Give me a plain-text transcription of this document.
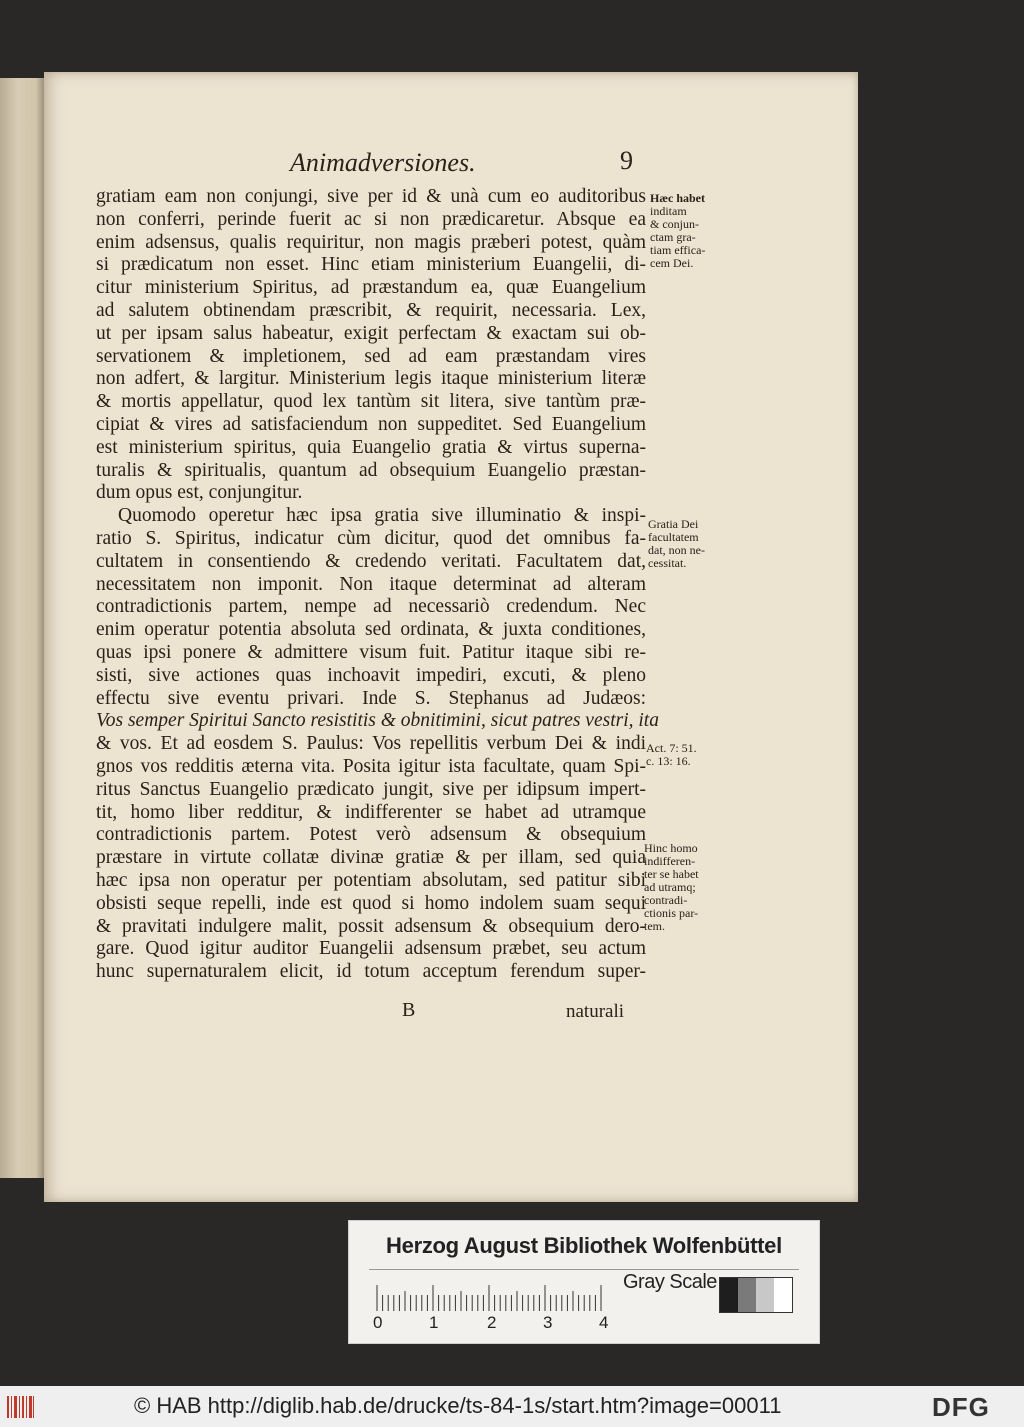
Animadversiones.	9
gratiam eam non conjungi, sive per id & unà cum eo auditoribus
non conferri, perinde fuerit ac si non prædicaretur. Absque ea
enim adsensus, qualis requiritur, non magis præberi potest, quàm
si prædicatum non esset. Hinc etiam ministerium Euangelii, di-
citur ministerium Spiritus, ad præstandum ea, quæ Euangelium
ad salutem obtinendam præscribit, & requirit, necessaria. Lex,
ut per ipsam salus habeatur, exigit perfectam & exactam sui ob-
servationem & impletionem, sed ad eam præstandam vires
non adfert, & largitur. Ministerium legis itaque ministerium literæ
& mortis appellatur, quod lex tantùm sit litera, sive tantùm præ-
cipiat & vires ad satisfaciendum non suppeditet. Sed Euangelium
est ministerium spiritus, quia Euangelio gratia & virtus superna-
turalis & spiritualis, quantum ad obsequium Euangelio præstan-
dum opus est, conjungitur.
Quomodo operetur hæc ipsa gratia sive illuminatio & inspi-
ratio S. Spiritus, indicatur cùm dicitur, quod det omnibus fa-
cultatem in consentiendo & credendo veritati. Facultatem dat,
necessitatem non imponit. Non itaque determinat ad alteram
contradictionis partem, nempe ad necessariò credendum. Nec
enim operatur potentia absoluta sed ordinata, & juxta conditiones,
quas ipsi ponere & admittere visum fuit. Patitur itaque sibi re-
sisti, sive actiones quas inchoavit impediri, excuti, & pleno
effectu sive eventu privari. Inde S. Stephanus ad Judæos:
Vos semper Spiritui Sancto resistitis & obnitimini, sicut patres vestri, ita
& vos. Et ad eosdem S. Paulus: Vos repellitis verbum Dei & indi
gnos vos redditis æterna vita. Posita igitur ista facultate, quam Spi-
ritus Sanctus Euangelio prædicato jungit, sive per idipsum impert-
tit, homo liber redditur, & indifferenter se habet ad utramque
contradictionis partem. Potest verò adsensum & obsequium
præstare in virtute collatæ divinæ gratiæ & per illam, sed quia
hæc ipsa non operatur per potentiam absolutam, sed patitur sibi
obsisti seque repelli, inde est quod si homo indolem suam sequi
& pravitati indulgere malit, possit adsensum & obsequium dero-
gare. Quod igitur auditor Euangelii adsensum præbet, seu actum
hunc supernaturalem elicit, id totum acceptum ferendum super-
Hæc habet
inditam
& conjun-
ctam gra-
tiam effica-
cem Dei.
Gratia Dei
facultatem
dat, non ne-
cessitat.
Act. 7: 51.
c. 13: 16.
Hinc homo
indifferen-
ter se habet
ad utramq;
contradi-
ctionis par-
tem.
B	naturali
Herzog August Bibliothek Wolfenbüttel
0	1	2	3	4
Gray Scale
© HAB http://diglib.hab.de/drucke/ts-84-1s/start.htm?image=00011	DFG
